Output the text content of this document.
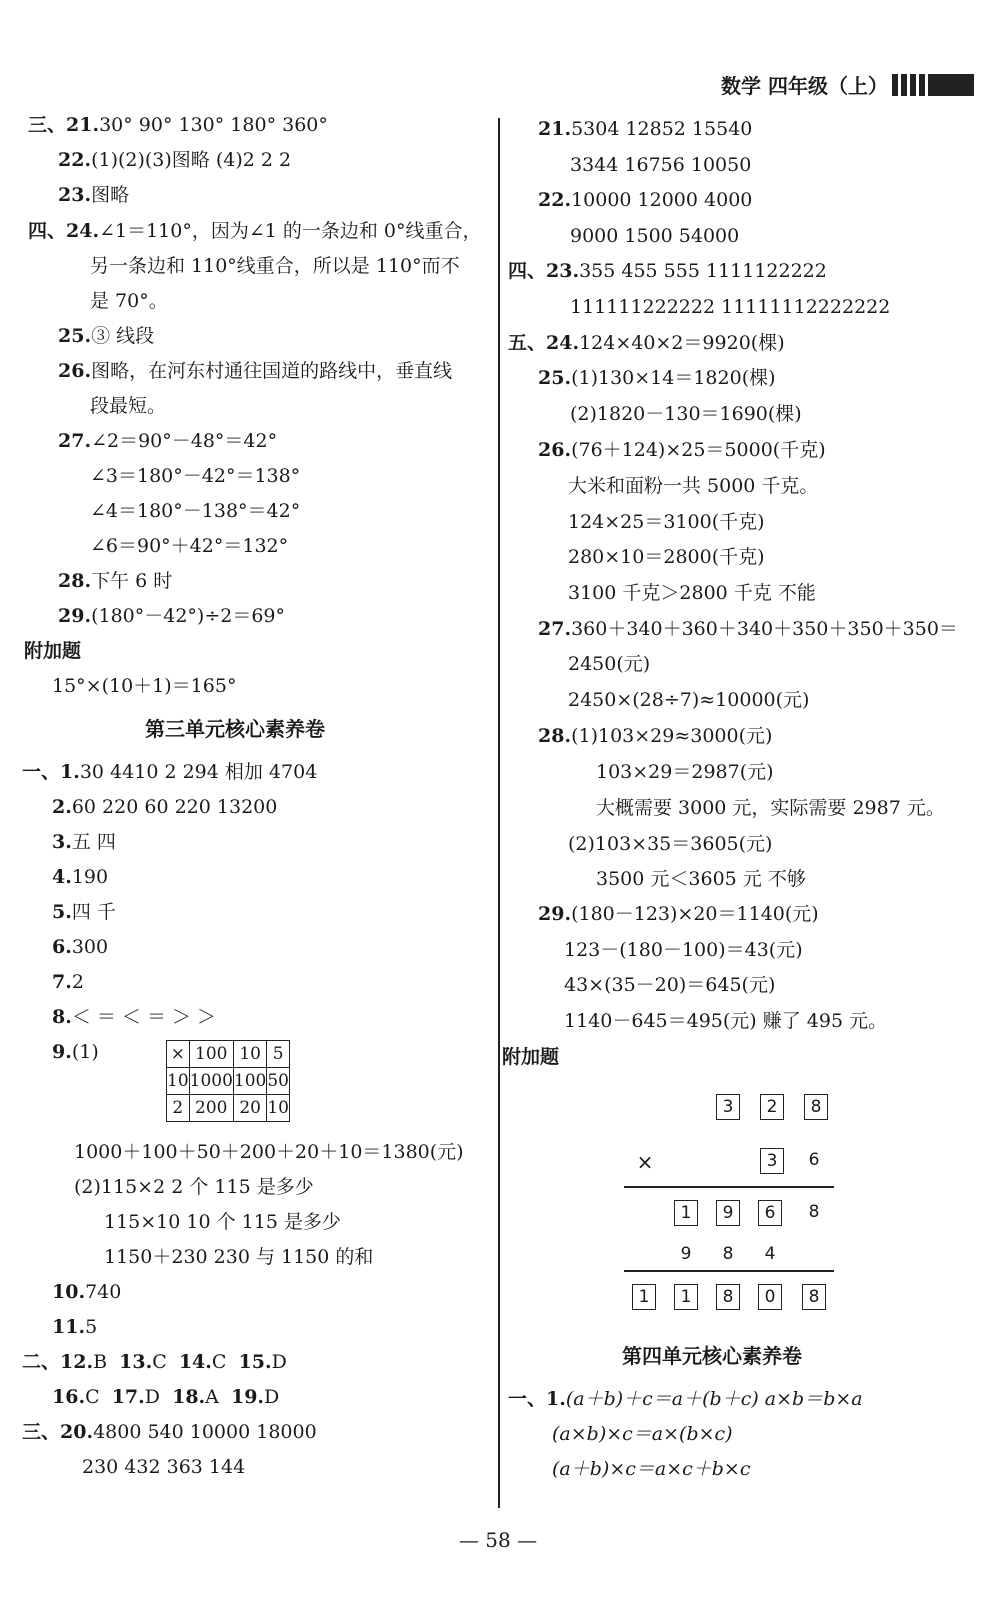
数学
四年级（上）
三、21.30° 90° 130° 180° 360°
22.(1)(2)(3)图略 (4)2 2 2
23.图略
四、24.∠1＝110°，因为∠1 的一条边和 0°线重合，
另一条边和 110°线重合，所以是 110°而不
是 70°。
25.③ 线段
26.图略，在河东村通往国道的路线中，垂直线
段最短。
27.∠2＝90°－48°＝42°
∠3＝180°－42°＝138°
∠4＝180°－138°＝42°
∠6＝90°＋42°＝132°
28.下午 6 时
29.(180°－42°)÷2＝69°
附加题
15°×(10＋1)＝165°
第三单元核心素养卷
一、1.30 4410 2 294 相加 4704
2.60 220 60 220 13200
3.五 四
4.190
5.四 千
6.300
7.2
8.＜ ＝ ＜ ＝ ＞ ＞
9.(1)	×	100	10	5
10	1000	100	50
2	200	20	10
1000＋100＋50＋200＋20＋10＝1380(元)
(2)115×2 2 个 115 是多少
115×10 10 个 115 是多少
1150＋230 230 与 1150 的和
10.740
11.5
二、12.B 13.C 14.C 15.D
16.C 17.D 18.A 19.D
三、20.4800 540 10000 18000
230 432 363 144
21.5304 12852 15540
3344 16756 10050
22.10000 12000 4000
9000 1500 54000
四、23.355 455 555 1111122222
111111222222 11111112222222
五、24.124×40×2＝9920(棵)
25.(1)130×14＝1820(棵)
(2)1820－130＝1690(棵)
26.(76＋124)×25＝5000(千克)
大米和面粉一共 5000 千克。
124×25＝3100(千克)
280×10＝2800(千克)
3100 千克＞2800 千克 不能
27.360＋340＋360＋340＋350＋350＋350＝
2450(元)
2450×(28÷7)≈10000(元)
28.(1)103×29≈3000(元)
103×29＝2987(元)
大概需要 3000 元，实际需要 2987 元。
(2)103×35＝3605(元)
3500 元＜3605 元 不够
29.(180－123)×20＝1140(元)
123－(180－100)＝43(元)
43×(35－20)＝645(元)
1140－645＝495(元) 赚了 495 元。
附加题
3	2	8
×	3	6
1	9	6	8
9	8	4
1	1	8	0	8
第四单元核心素养卷
一、1.(a＋b)＋c＝a＋(b＋c) a×b＝b×a
(a×b)×c＝a×(b×c)
(a＋b)×c＝a×c＋b×c
— 58 —
